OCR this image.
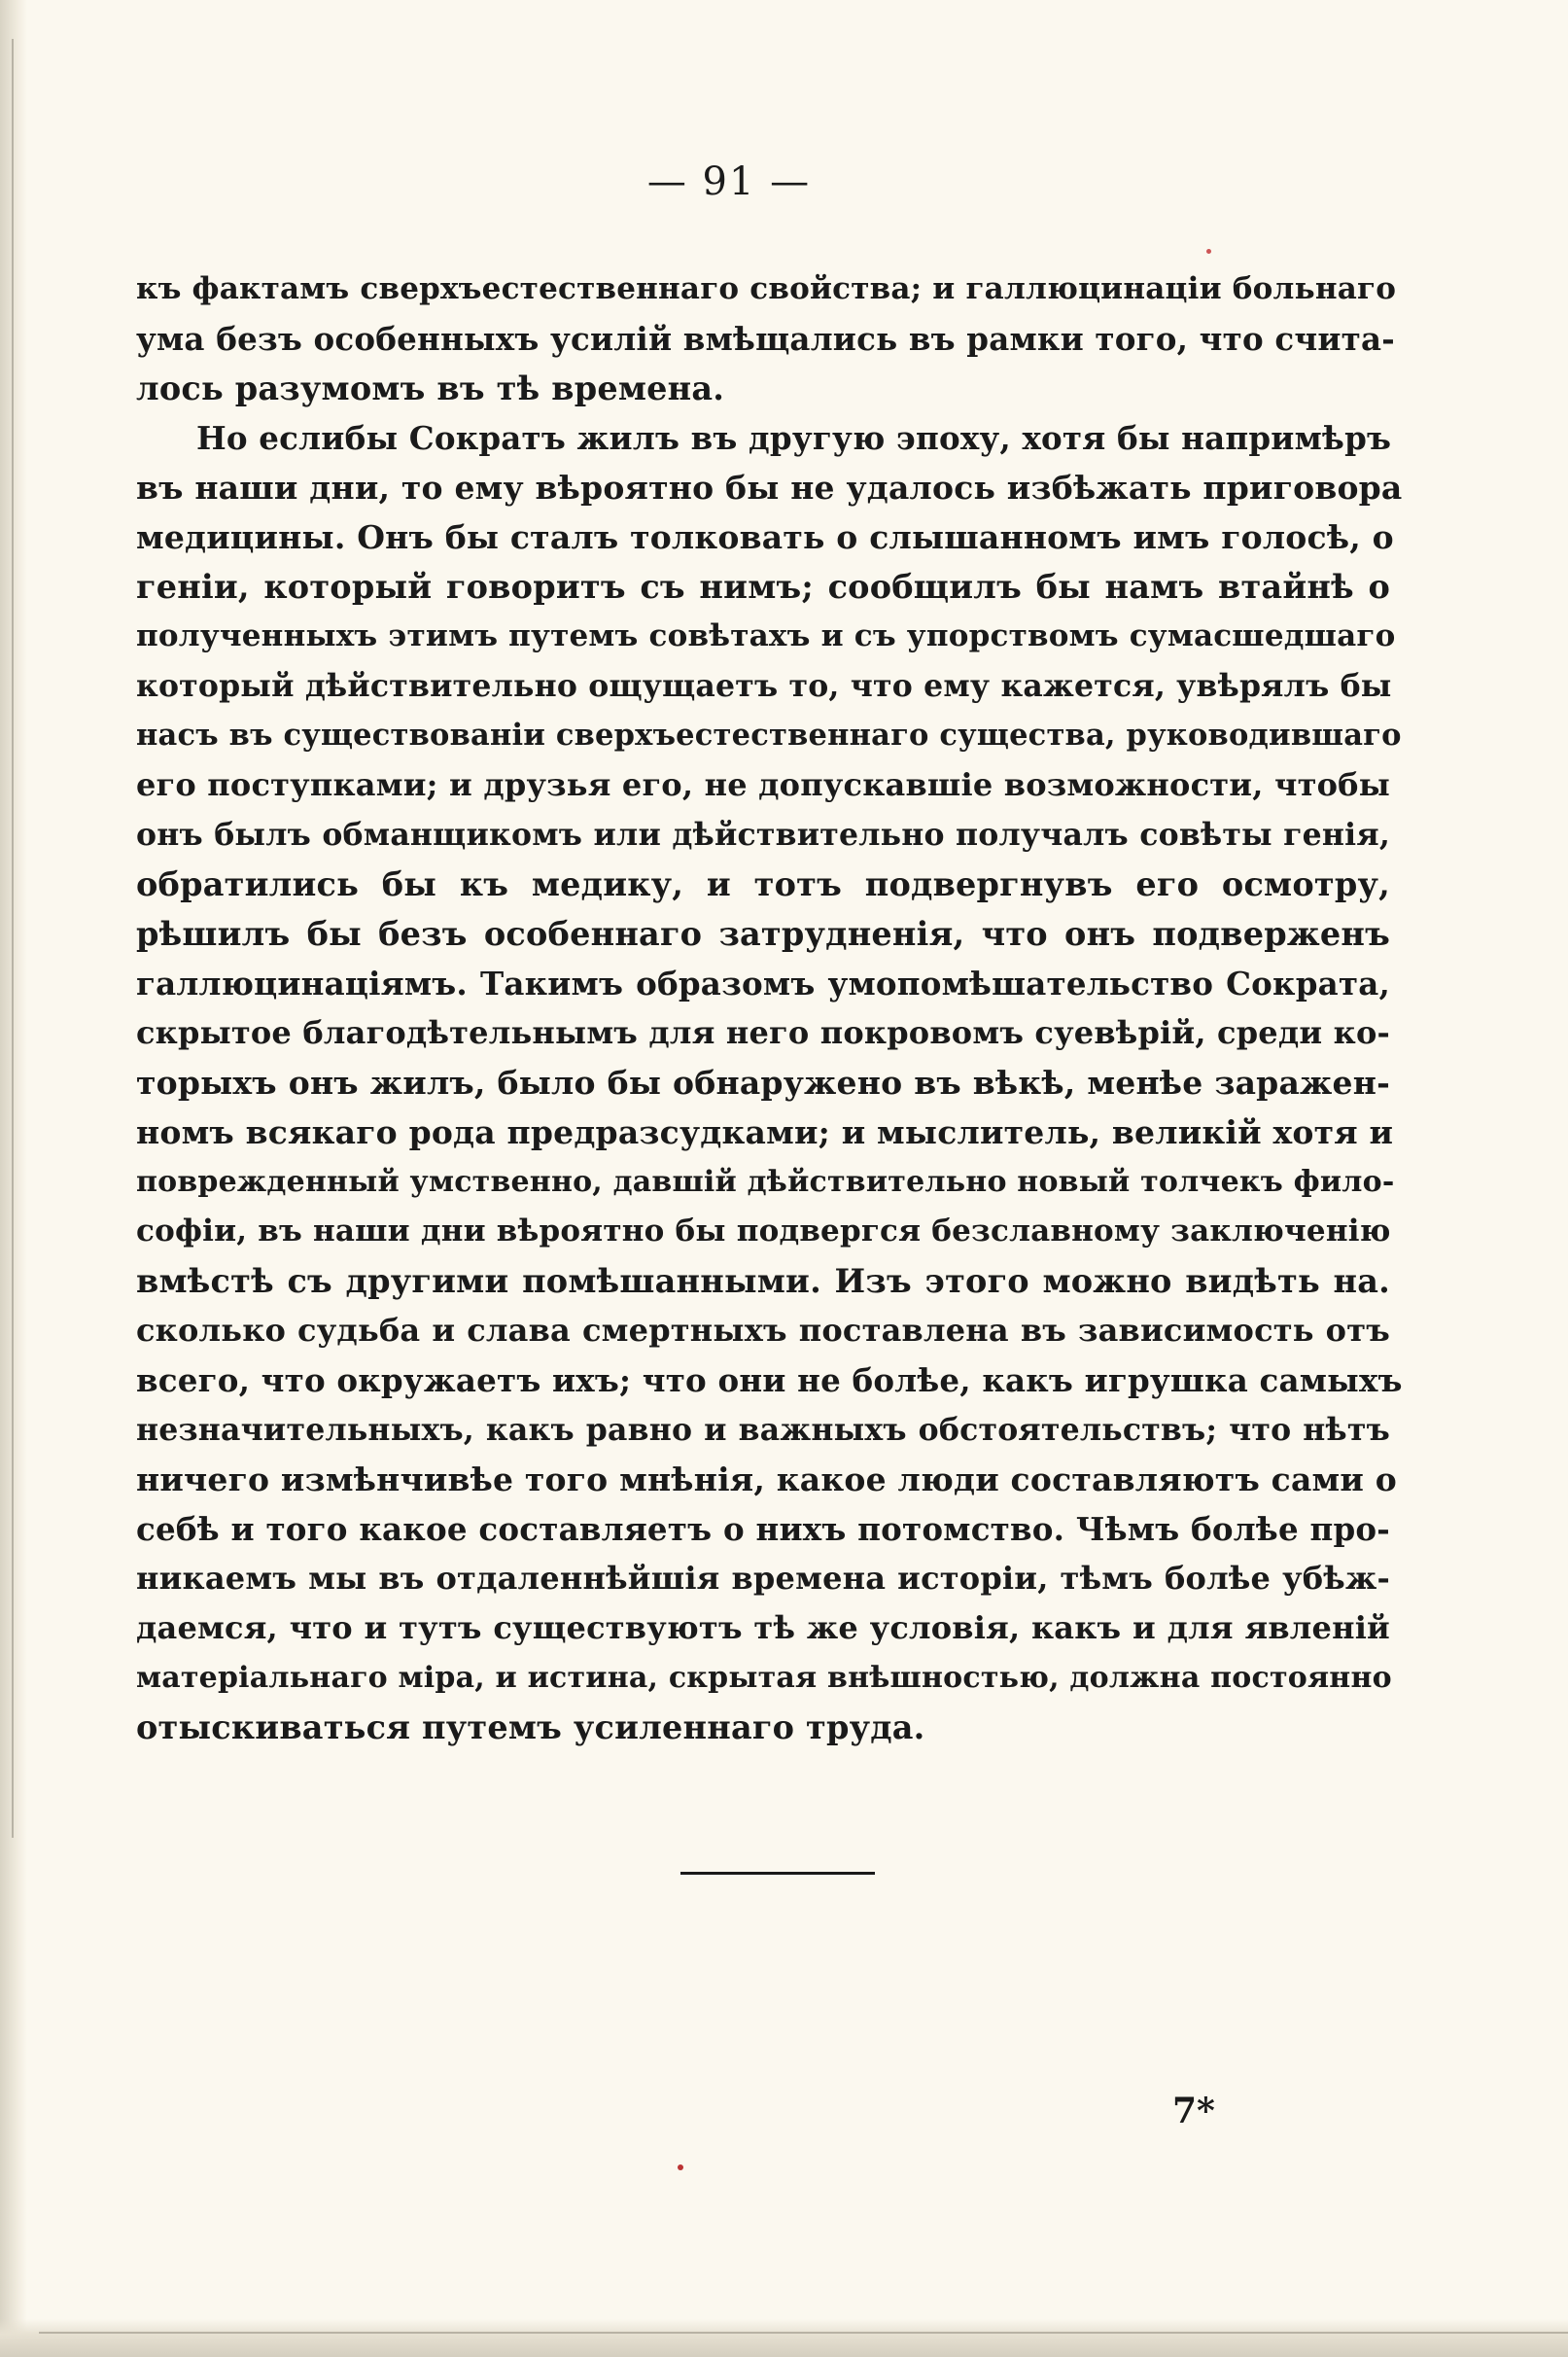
— 91 —
къ фактамъ сверхъестественнаго свойства; и галлюцинаціи больнаго
ума безъ особенныхъ усилій вмѣщались въ рамки того, что счита-
лось разумомъ въ тѣ времена.
Но еслибы Сократъ жилъ въ другую эпоху, хотя бы напримѣръ
въ наши дни, то ему вѣроятно бы не удалось избѣжать приговора
медицины. Онъ бы сталъ толковать о слышанномъ имъ голосѣ, о
геніи, который говоритъ съ нимъ; сообщилъ бы намъ втайнѣ о
полученныхъ этимъ путемъ совѣтахъ и съ упорствомъ сумасшедшаго
который дѣйствительно ощущаетъ то, что ему кажется, увѣрялъ бы
насъ въ существованіи сверхъестественнаго существа, руководившаго
его поступками; и друзья его, не допускавшіе возможности, чтобы
онъ былъ обманщикомъ или дѣйствительно получалъ совѣты генія,
обратились бы къ медику, и тотъ подвергнувъ его осмотру,
рѣшилъ бы безъ особеннаго затрудненія, что онъ подверженъ
галлюцинаціямъ. Такимъ образомъ умопомѣшательство Сократа,
скрытое благодѣтельнымъ для него покровомъ суевѣрій, среди ко-
торыхъ онъ жилъ, было бы обнаружено въ вѣкѣ, менѣе заражен-
номъ всякаго рода предразсудками; и мыслитель, великій хотя и
поврежденный умственно, давшій дѣйствительно новый толчекъ фило-
софіи, въ наши дни вѣроятно бы подвергся безславному заключенію
вмѣстѣ съ другими помѣшанными. Изъ этого можно видѣть на.
сколько судьба и слава смертныхъ поставлена въ зависимость отъ
всего, что окружаетъ ихъ; что они не болѣе, какъ игрушка самыхъ
незначительныхъ, какъ равно и важныхъ обстоятельствъ; что нѣтъ
ничего измѣнчивѣе того мнѣнія, какое люди составляютъ сами о
себѣ и того какое составляетъ о нихъ потомство. Чѣмъ болѣе про-
никаемъ мы въ отдаленнѣйшія времена исторіи, тѣмъ болѣе убѣж-
даемся, что и тутъ существуютъ тѣ же условія, какъ и для явленій
матеріальнаго міра, и истина, скрытая внѣшностью, должна постоянно
отыскиваться путемъ усиленнаго труда.
7*
